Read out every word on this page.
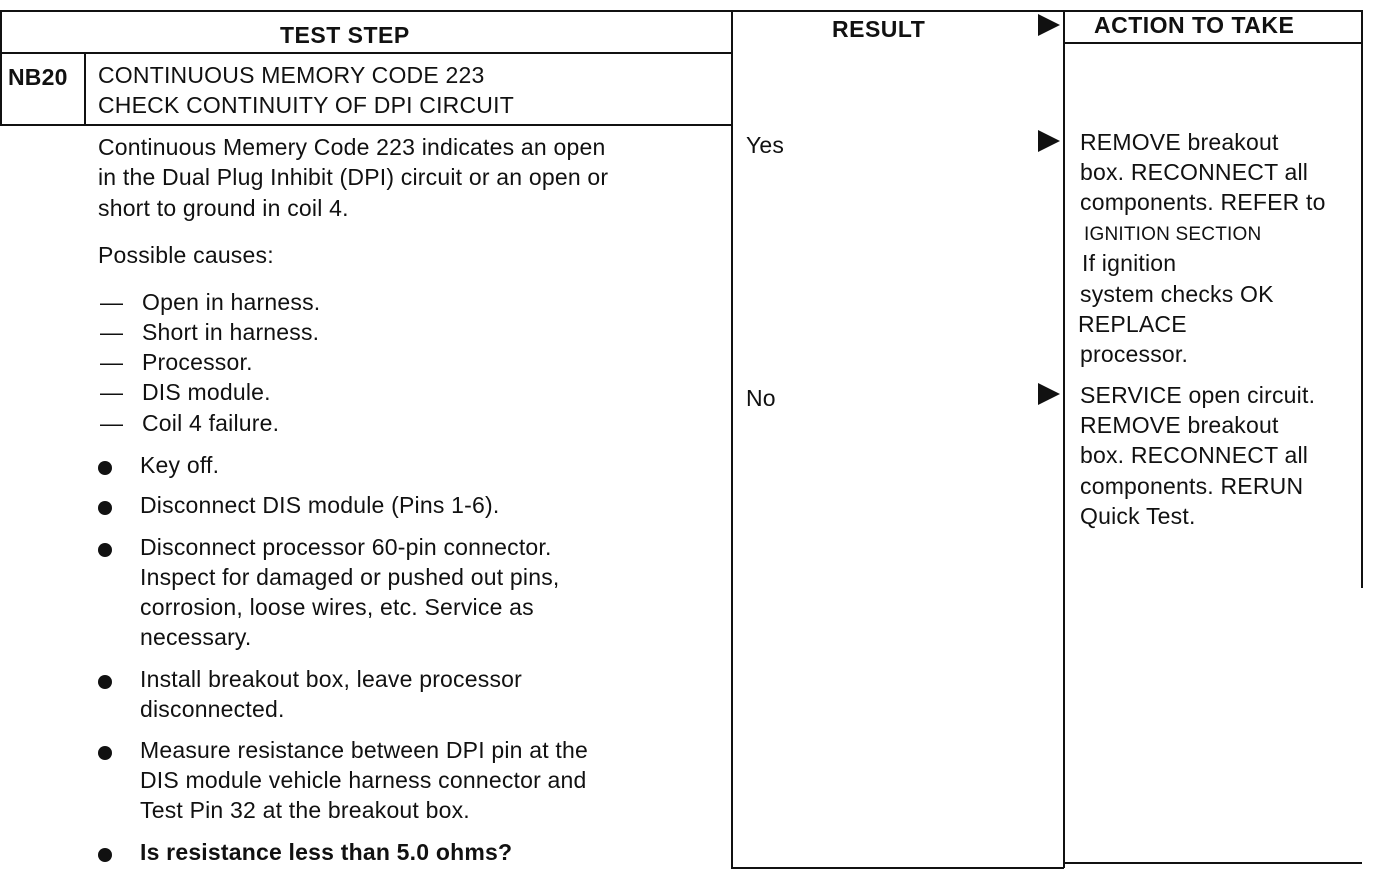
TEST STEP	RESULT	ACTION TO TAKE
NB20 CONTINUOUS MEMORY CODE 223
CHECK CONTINUITY OF DPI CIRCUIT
Continuous Memery Code 223 indicates an open
in the Dual Plug Inhibit (DPI) circuit or an open or
short to ground in coil 4.
Possible causes:
— Open in harness.
— Short in harness.
— Processor.
— DIS module.
— Coil 4 failure.
Key off.
Disconnect DIS module (Pins 1-6).
Disconnect processor 60-pin connector.
Inspect for damaged or pushed out pins,
corrosion, loose wires, etc. Service as
necessary.
Install breakout box, leave processor
disconnected.
Measure resistance between DPI pin at the
DIS module vehicle harness connector and
Test Pin 32 at the breakout box.
Is resistance less than 5.0 ohms?
Yes
No
REMOVE breakout
box. RECONNECT all
components. REFER to
IGNITION SECTION
If ignition
system checks OK
REPLACE
processor.
SERVICE open circuit.
REMOVE breakout
box. RECONNECT all
components. RERUN
Quick Test.
